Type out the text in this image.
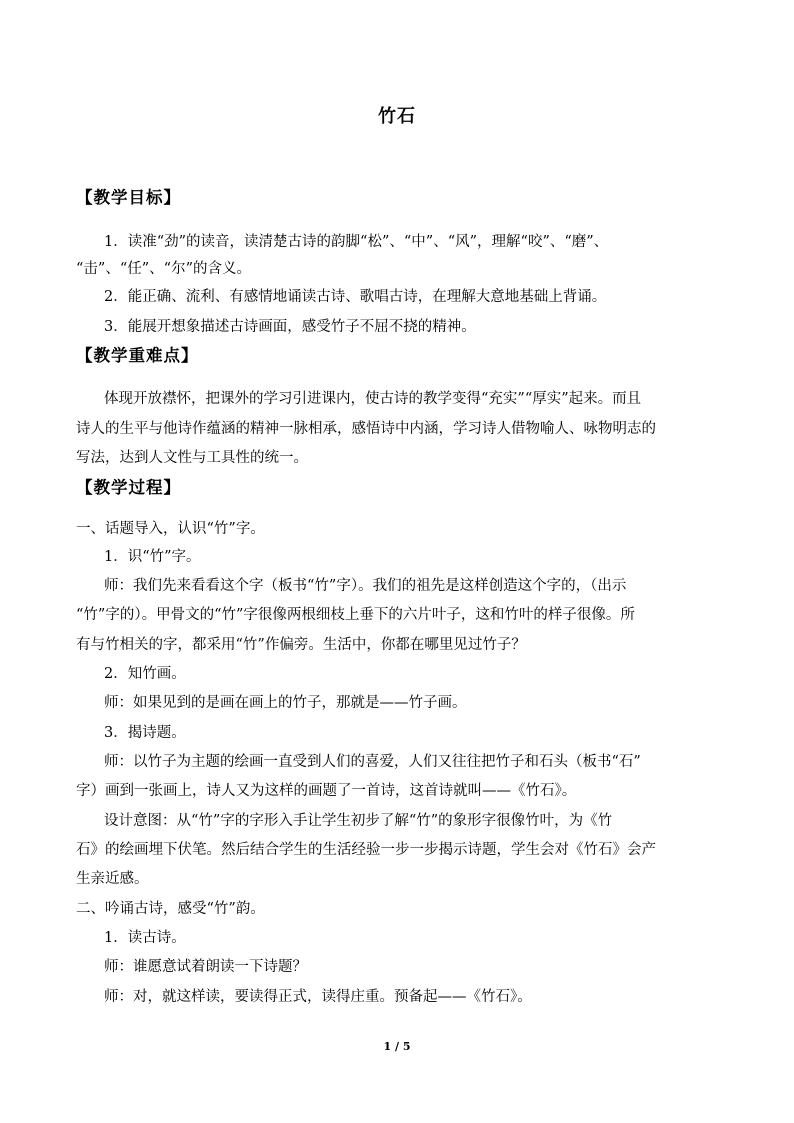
竹石
【教学目标】
1．读准“劲”的读音，读清楚古诗的韵脚“松”、“中”、“风”，理解“咬”、“磨”、
“击”、“任”、“尔”的含义。
2．能正确、流利、有感情地诵读古诗、歌唱古诗，在理解大意地基础上背诵。
3．能展开想象描述古诗画面，感受竹子不屈不挠的精神。
【教学重难点】
体现开放襟怀，把课外的学习引进课内，使古诗的教学变得“充实”“厚实”起来。而且
诗人的生平与他诗作蕴涵的精神一脉相承，感悟诗中内涵，学习诗人借物喻人、咏物明志的
写法，达到人文性与工具性的统一。
【教学过程】
一、话题导入，认识“竹”字。
1．识“竹”字。
师：我们先来看看这个字（板书“竹”字）。我们的祖先是这样创造这个字的，（出示
“竹”字的）。甲骨文的“竹”字很像两根细枝上垂下的六片叶子，这和竹叶的样子很像。所
有与竹相关的字，都采用“竹”作偏旁。生活中，你都在哪里见过竹子？
2．知竹画。
师：如果见到的是画在画上的竹子，那就是——竹子画。
3．揭诗题。
师：以竹子为主题的绘画一直受到人们的喜爱，人们又往往把竹子和石头（板书“石”
字）画到一张画上，诗人又为这样的画题了一首诗，这首诗就叫——《竹石》。
设计意图：从“竹”字的字形入手让学生初步了解“竹”的象形字很像竹叶，为《竹
石》的绘画埋下伏笔。然后结合学生的生活经验一步一步揭示诗题，学生会对《竹石》会产
生亲近感。
二、吟诵古诗，感受“竹”韵。
1．读古诗。
师：谁愿意试着朗读一下诗题？
师：对，就这样读，要读得正式，读得庄重。预备起——《竹石》。
1 / 5
